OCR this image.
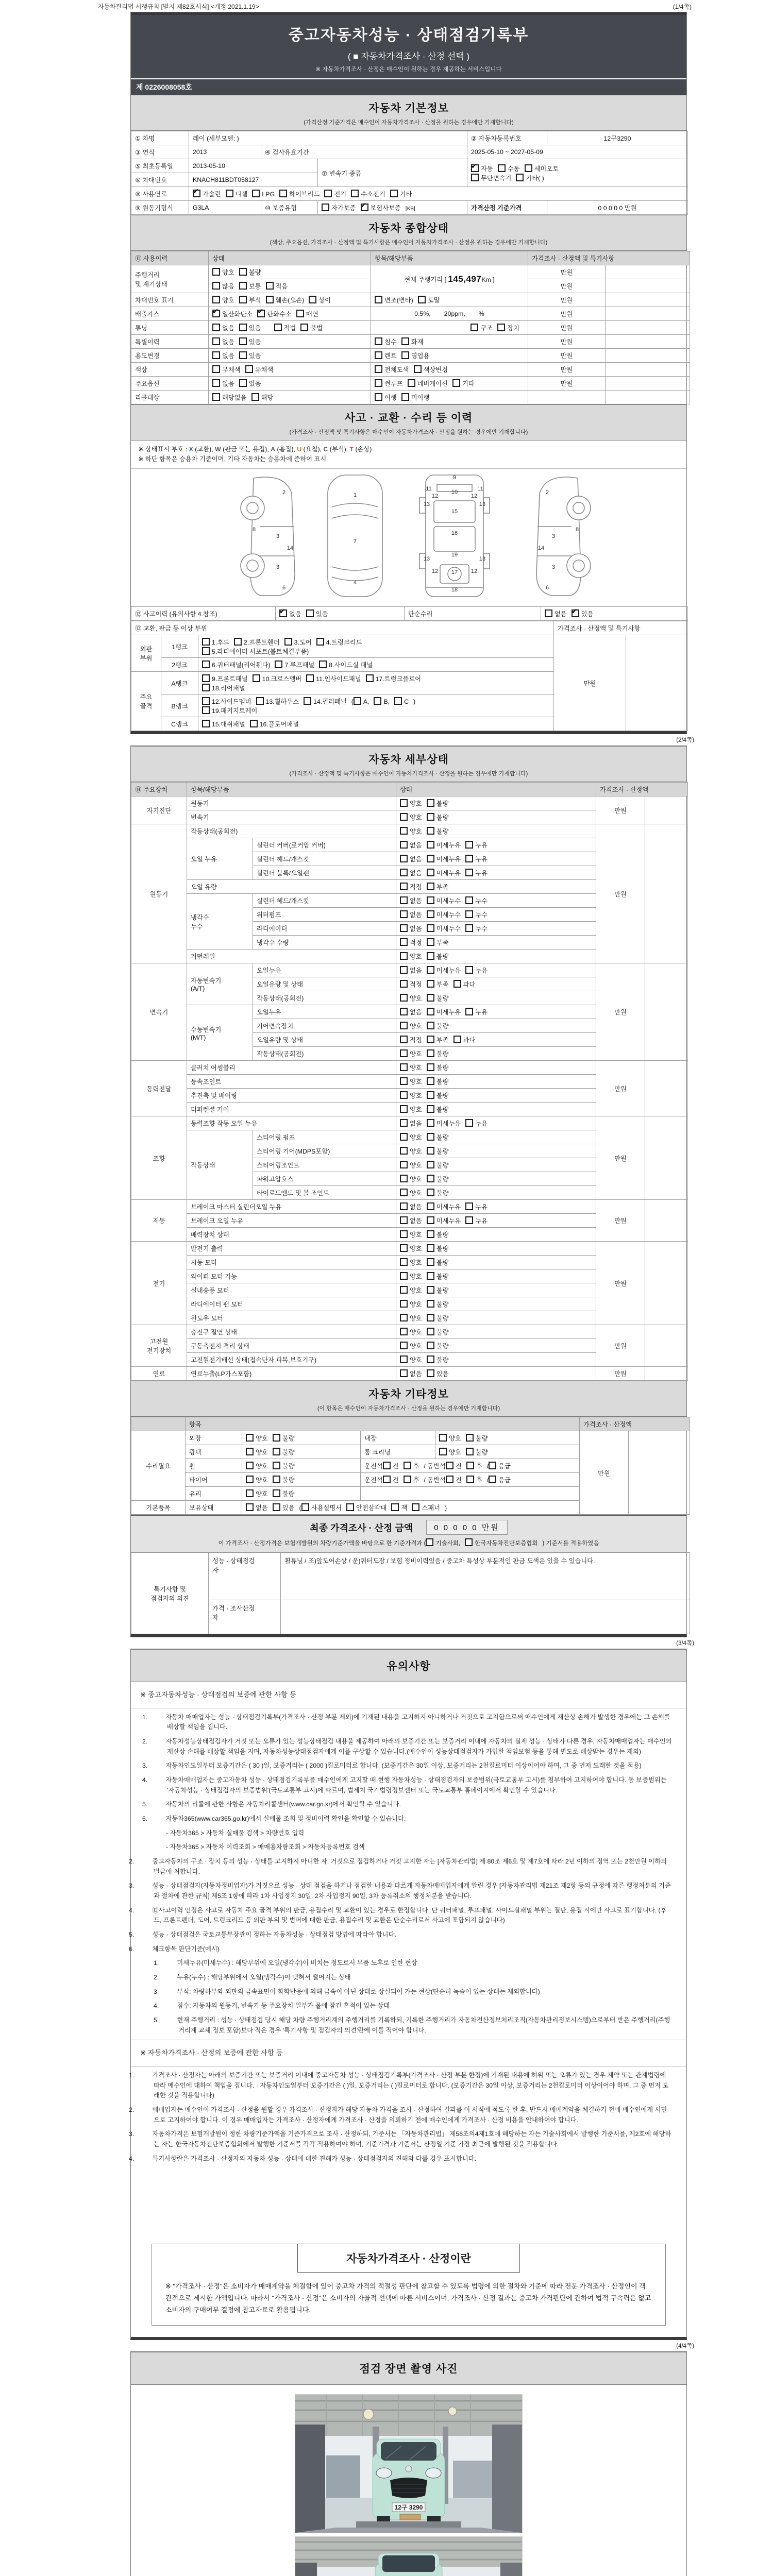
자동차관리법 시행규칙 [별지 제82호서식] <개정 2021.1.19>	(1/4쪽)
중고자동차성능 · 상태점검기록부
( ■ 자동차가격조사 · 산정 선택 )
※ 자동차가격조사 · 산정은 매수인이 원하는 경우 제공하는 서비스입니다
제 0226008058호
자동차 기본정보
(가격산정 기준가격은 매수인이 자동차가격조사 · 산정을 원하는 경우에만 기재합니다)
① 차명	레이 (세부모델: )			② 자동차등록번호	12구3290
③ 연식	2013	④ 검사유효기간		2025-05-10 ~ 2027-05-09	
⑤ 최초등록일	2013-05-10		⑦ 변속기 종류	✔자동 수동 세미오토
무단변속기 기타( )
⑥ 차대번호	KNACH811BDT058127				
⑧ 사용연료	✔가솔린 디젤 LPG 하이브리드 전기 수소전기 기타
⑨ 원동기형식	G3LA	⑩ 보증유형	자가보증 ✔ 보험사보증 [KB]	가격산정 기준가격	0 0 0 0 0 만원
자동차 종합상태
(색상, 주요옵션, 가격조사 · 산정액 및 특기사항은 매수인이 자동차가격조사 · 산정을 원하는 경우에만 기재합니다)
⑪ 사용이력	상태	항목/해당부품	가격조사 · 산정액 및 특기사항	
주행거리
및 계기상태	양호 불량	현재 주행거리 [ 145,497Km ]	만원	
	많음 보통 적음		만원	
차대번호 표기	양호 부식 훼손(오손) 상이	변조(변타) 도말	만원	
배출가스	✔일산화탄소 ✔ 탄화수소 매연	0.5%, 20ppm, %	만원	
튜닝	없음 있음 적법 불법	구조 장치	만원	
특별이력	없음 있음	침수 화재	만원	
용도변경	없음 있음	렌트 영업용	만원	
색상	무채색 유채색	전체도색 색상변경	만원	
주요옵션	없음 있음	썬루프 네비게이션 기타	만원	
리콜대상	해당없음 해당	이행 미이행		
사고 · 교환 · 수리 등 이력
(가격조사 · 산정액 및 특기사항은 매수인이 자동차가격조사 · 산정을 원하는 경우에만 기재합니다)
※ 상태표시 부호 : X (교환), W (판금 또는 용접), A (흠집), U (요철), C (부식), T (손상)
※ 하단 항목은 승용차 기준이며, 기타 자동차는 승용차에 준하여 표시
2
8
3
14
3
6
1
7
4
9
11	11
12	12
10
13	13
15
16
19
13	13
12	12
17
18
2
8
3
14
3
6
⑫ 사고이력 (유의사항 4.참조)	✔없음 있음	단순수리	없음 ✔ 있음
⑬ 교환, 판금 등 이상 부위			가격조사 · 산정액 및 특기사항	
외판
부위	1랭크	1.후드 2.프론트휀더 3.도어 4.트렁크리드
5.라디에이터 서포트(볼트체결부품)	만원	
	2랭크	6.쿼터패널(리어휀다) 7.루프패널 8.사이드실 패널		
주요
골격	A랭크	9.프론트패널 10.크로스멤버 11.인사이드패널 17.트렁크플로어
18.리어패널		
	B랭크	12.사이드멤버 13.휠하우스 14.필러패널 ( A, B, C )
19.패키지트레이		
	C랭크	15.대쉬패널 16.플로어패널		
(2/4쪽)
자동차 세부상태
(가격조사 · 산정액 및 특기사항은 매수인이 자동차가격조사 · 산정을 원하는 경우에만 기재합니다)
⑭ 주요장치	항목/해당부품		상태	가격조사 · 산정액	
자기진단	원동기		양호 불량	만원	
	변속기		양호 불량		
원동기	작동상태(공회전)		양호 불량	만원	
	오일 누유	실린더 커버(로커암 커버)	없음 미세누유 누유		
		실린더 헤드/개스킷	없음 미세누유 누유		
		실린더 블록/오일팬	없음 미세누유 누유		
	오일 유량		적정 부족		
	냉각수
누수	실린더 헤드/개스킷	없음 미세누수 누수		
		워터펌프	없음 미세누수 누수		
		라디에이터	없음 미세누수 누수		
		냉각수 수량	적정 부족		
	커먼레일		양호 불량		
변속기	자동변속기
(A/T)	오일누유	없음 미세누유 누유	만원	
		오일유량 및 상태	적정 부족 과다		
		작동상태(공회전)	양호 불량		
	수동변속기
(M/T)	오일누유	없음 미세누유 누유		
		기어변속장치	양호 불량		
		오일유량 및 상태	적정 부족 과다		
		작동상태(공회전)	양호 불량		
동력전달	클러치 어셈블리		양호 불량	만원	
	등속조인트		양호 불량		
	추진축 및 베어링		양호 불량		
	디퍼렌셜 기어		양호 불량		
조향	동력조향 작동 오일 누유		없음 미세누유 누유	만원	
	작동상태	스티어링 펌프	양호 불량		
		스티어링 기어(MDPS포함)	양호 불량		
		스티어링조인트	양호 불량		
		파워고압호스	양호 불량		
		타이로드엔드 및 볼 조인트	양호 불량		
제동	브레이크 마스터 실린더오일 누유		없음 미세누유 누유	만원	
	브레이크 오일 누유		없음 미세누유 누유		
	배력장치 상태		양호 불량		
전기	발전기 출력		양호 불량	만원	
	시동 모터		양호 불량		
	와이퍼 모터 기능		양호 불량		
	실내송풍 모터		양호 불량		
	라디에이터 팬 모터		양호 불량		
	윈도우 모터		양호 불량		
고전원
전기장치	충전구 절연 상태		양호 불량	만원	
	구동축전지 격리 상태		양호 불량		
	고전원전기배선 상태(접속단자,피복,보호기구)		양호 불량		
연료	연료누출(LP가스포함)		없음 있음	만원	
자동차 기타정보
(이 항목은 매수인이 자동차가격조사 · 산정을 원하는 경우에만 기재합니다)
	항목				가격조사 · 산정액	
수리필요	외장	양호 불량	내장	양호 불량	만원	
	광택	양호 불량	룸 크리닝	양호 불량		
	휠	양호 불량	운전석 전 후 / 동반석 전 후 / 응급			
	타이어	양호 불량	운전석 전 후 / 동반석 전 후 / 응급			
	유리	양호 불량				
기본품목	보유상태	없음 있음 ( 사용설명서 안전삼각대 잭 스패너 )				
최종 가격조사 · 산정 금액	0 0 0 0 0 만원
이 가격조사 · 산정가격은 보험개발원의 차량기준가액을 바탕으로 한 기준가격과 ( 기술사회, 한국자동차진단보증협회 ) 기준서를 적용하였음
특기사항 및
점검자의 의견	성능 · 상태점검
자	휠튜닝 / 조)앞도어손상 / 운)쿼터도장 / 보험 정비이력있음 / 중고차 특성상 부분적인 판금 도색은 있을 수 있습니다.
	가격 · 조사산정
자	
(3/4쪽)
유의사항
※ 중고자동차성능 · 상태점검의 보증에 관한 사항 등
1.	자동차 매매업자는 성능 · 상태점검기록부(가격조사 · 산정 부분 제외)에 기재된 내용을 고지하지 아니하거나 거짓으로 고지함으로써 매수인에게 재산상 손해가 발생한 경우에는 그 손해를 배상할 책임을 집니다.
2.	자동차성능상태점검자가 거짓 또는 오류가 있는 성능상태점검 내용을 제공하여 아래의 보증기간 또는 보증거리 이내에 자동차의 실제 성능 · 상태가 다른 경우, 자동차매매업자는 매수인의 재산상 손해를 배상할 책임을 지며, 자동차성능상태점검자에게 이를 구상할 수 있습니다.(매수인이 성능상태점검자가 가입한 책임보험 등을 통해 별도로 배상받는 경우는 제외)
3.	자동차인도일부터 보증기간은 ( 30 )일, 보증거리는 ( 2000 )킬로미터로 합니다. (보증기간은 30일 이상, 보증거리는 2천킬로미터 이상이어야 하며, 그 중 먼저 도래한 것을 적용)
4.	자동차매매업자는 중고자동차 성능 · 상태점검기록부를 매수인에게 고지할 때 현행 자동차성능 · 상태점검자의 보증범위(국토교통부 고시)를 첨부하여 고지하여야 합니다. 동 보증범위는 '자동차성능 · 상태점검자의 보증범위'(국토교통부 고시)에 따르며, 법제처 국가법령정보센터 또는 국토교통부 홈페이지에서 확인할 수 있습니다.
5.	자동차의 리콜에 관한 사항은 자동차리콜센터(www.car.go.kr)에서 확인할 수 있습니다.
6.	자동차365(www.car365.go.kr)에서 실매물 조회 및 정비이력 확인을 확인할 수 있습니다.
- 자동차365 > 자동차 실매물 검색 > 차량번호 입력
- 자동차365 > 자동차 이력조회 > 매매용차량조회 > 자동차등록번호 검색
2.	중고자동차의 구조 · 장치 등의 성능 · 상태를 고지하지 아니한 자, 거짓으로 점검하거나 거짓 고지한 자는 [자동차관리법] 제 80조 제6호 및 제7호에 따라 2년 이하의 징역 또는 2천만원 이하의 벌금에 처합니다.
3.	성능 · 상태점검자(자동차정비업자)가 거짓으로 성능 · 상태 점검을 하거나 점검한 내용과 다르게 자동차매매업자에게 알린 경우 [자동차관리법 제21조 제2항 등의 규정에 따른 행정처분의 기준과 절차에 관한 규칙] 제5조 1항에 따라 1차 사업정지 30일, 2차 사업정지 90일, 3차 등록취소의 행정처분을 받습니다.
4.	⑫사고이력 인정은 사고로 자동차 주요 골격 부위의 판금, 용접수리 및 교환이 있는 경우로 한정합니다. 단 쿼터패널, 루프패널, 사이드실패널 부위는 절단, 용접 시에만 사고로 표기합니다. (후드, 프론트펜더, 도어, 트렁크리드 등 외판 부위 및 범퍼에 대한 판금, 용접수리 및 교환은 단순수리로서 사고에 포함되지 않습니다)
5.	성능 · 상태점검은 국토교통부장관이 정하는 자동차성능 · 상태점검 방법에 따라야 합니다.
6.	체크항목 판단기준(예시)
1.	미세누유(미세누수) : 해당부위에 오일(냉각수)이 비치는 정도로서 부품 노후로 인한 현상
2.	누유(누수) : 해당부위에서 오일(냉각수)이 맺혀서 떨어지는 상태
3.	부식: 차량하부와 외판의 금속표면이 화학반응에 의해 금속이 아닌 상태로 상실되어 가는 현상(단순히 녹슬어 있는 상태는 제외합니다)
4.	침수: 자동차의 원동기, 변속기 등 주요장치 일부가 물에 잠긴 흔적이 있는 상태
5.	현재 주행거리 : 성능 · 상태점검 당시 해당 차량 주행거리계의 주행거리를 기록하되, 기록한 주행거리가 자동차전산정보처리조직(자동차관리정보시스템)으로부터 받은 주행거리(주행거리계 교체 정보 포함)보다 적은 경우 '특기사항 및 점검자의 의견'란에 이를 적어야 합니다.
※ 자동차가격조사 · 산정의 보증에 관한 사항 등
1.	가격조사 · 산정자는 아래의 보증기간 또는 보증거리 이내에 중고자동차 성능 · 상태점검기록부(가격조사 · 산정 부분 한정)에 기재된 내용에 허위 또는 오류가 있는 경우 계약 또는 관계법령에 따라 매수인에 대하여 책임을 집니다. · 자동차인도일부터 보증기간은 ( )일, 보증거리는 ( )킬로미터로 합니다. (보증기간은 30일 이상, 보증거리는 2천킬로미터 이상이어야 하며, 그 중 먼저 도래한 것을 적용합니다)
2.	매매업자는 매수인이 가격조사 · 산정을 원할 경우 가격조사 · 산정자가 해당 자동차 가격을 조사 · 산정하여 결과를 이 서식에 적도록 한 후, 반드시 매매계약을 체결하기 전에 매수인에게 서면으로 고지하여야 합니다. 이 경우 매매업자는 가격조사 · 산정자에게 가격조사 · 산정을 의뢰하기 전에 매수인에게 가격조사 · 산정 비용을 안내하여야 합니다.
3.	자동차가격은 보험개발원이 정한 차량기준가액을 기준가격으로 조사 · 산정하되, 기준서는 「자동차관리법」 제58조의4제1호에 해당하는 자는 기술사회에서 발행한 기준서를, 제2호에 해당하는 자는 한국자동차진단보증협회에서 발행한 기준서를 각각 적용하여야 하며, 기준가격과 기준서는 산정일 기준 가장 최근에 발행된 것을 적용합니다.
4.	특기사항란은 가격조사 · 산정자의 자동차 성능 · 상태에 대한 견해가 성능 · 상태점검자의 견해와 다를 경우 표시합니다.
자동차가격조사 · 산정이란
※ "가격조사 · 산정"은 소비자가 매매계약을 체결함에 있어 중고차 가격의 적절성 판단에 참고할 수 있도록 법령에 의한 절차와 기준에 따라 전문 가격조사 · 산정인이 객관적으로 제시한 가액입니다. 따라서 "가격조사 · 산정"은 소비자의 자율적 선택에 따른 서비스이며, 가격조사 · 산정 결과는 중고차 가격판단에 관하여 법적 구속력은 없고 소비자의 구매여부 결정에 참고자료로 활용됩니다.
(4/4쪽)
점검 장면 촬영 사진
12구 3290
